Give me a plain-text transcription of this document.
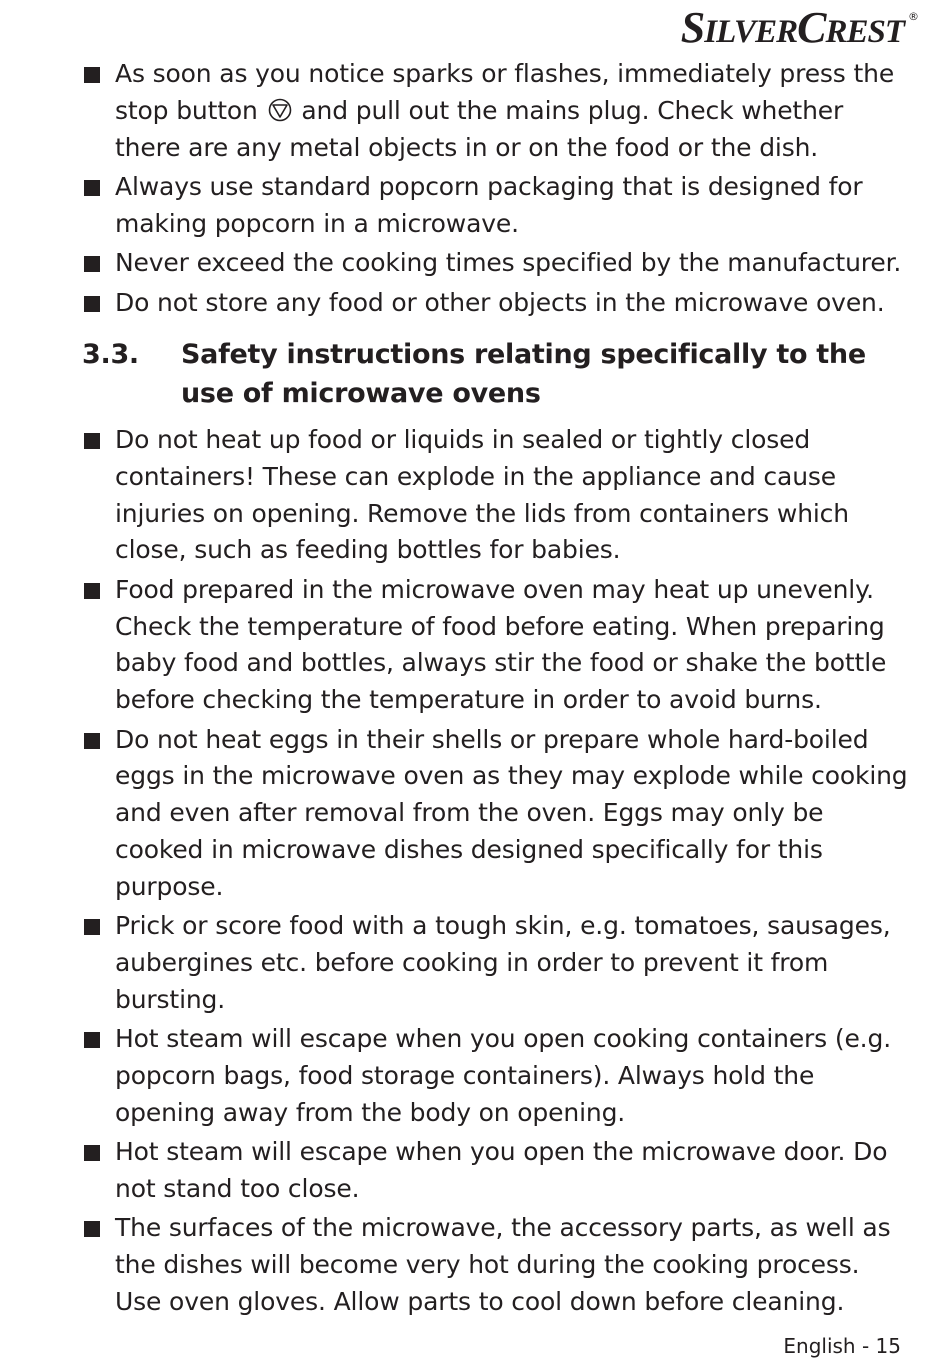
SILVERCREST ®
As soon as you notice sparks or flashes, immediately press the stop button  and pull out the mains plug. Check whether there are any metal objects in or on the food or the dish.
Always use standard popcorn packaging that is designed for making popcorn in a microwave.
Never exceed the cooking times specified by the manufacturer.
Do not store any food or other objects in the microwave oven.
3.3.	Safety instructions relating specifically to the use of microwave ovens
Do not heat up food or liquids in sealed or tightly closed containers! These can explode in the appliance and cause injuries on opening. Remove the lids from containers which close, such as feeding bottles for babies.
Food prepared in the microwave oven may heat up unevenly. Check the temperature of food before eating. When preparing baby food and bottles, always stir the food or shake the bottle before checking the temperature in order to avoid burns.
Do not heat eggs in their shells or prepare whole hard-boiled eggs in the microwave oven as they may explode while cooking and even after removal from the oven. Eggs may only be cooked in microwave dishes designed specifically for this purpose.
Prick or score food with a tough skin, e.g. tomatoes, sausages, aubergines etc. before cooking in order to prevent it from bursting.
Hot steam will escape when you open cooking containers (e.g. popcorn bags, food storage containers). Always hold the opening away from the body on opening.
Hot steam will escape when you open the microwave door. Do not stand too close.
The surfaces of the microwave, the accessory parts, as well as the dishes will become very hot during the cooking process. Use oven gloves. Allow parts to cool down before cleaning.
English - 15
